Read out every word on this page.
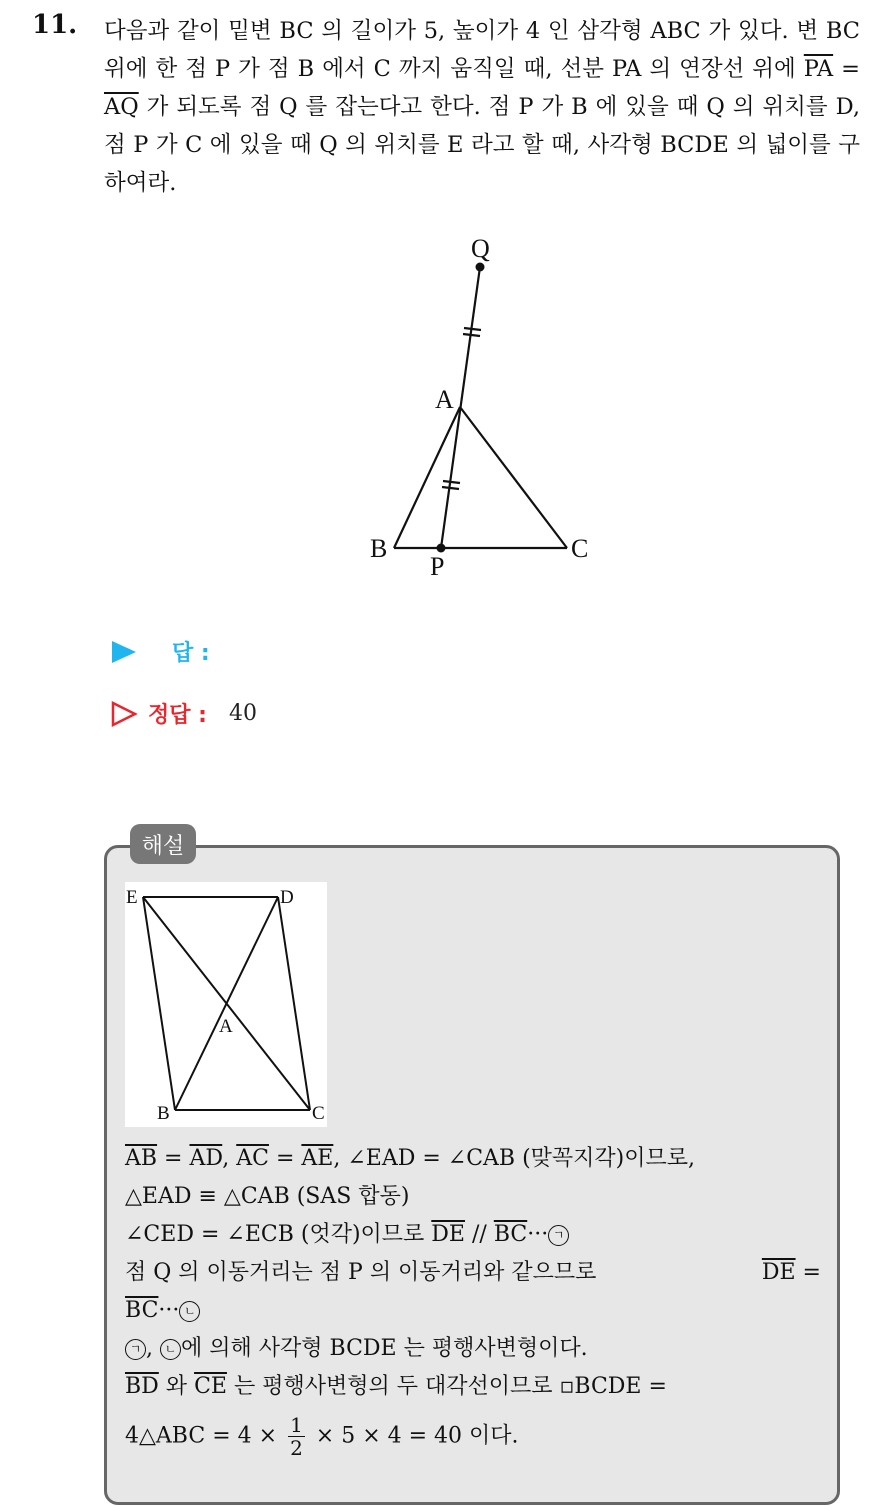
11. 다음과 같이 밑변 BC 의 길이가 5, 높이가 4 인 삼각형 ABC 가 있다. 변 BC 위에 한 점 P 가 점 B 에서 C 까지 움직일 때, 선분 PA 의 연장선 위에 $\overline{PA} = \overline{AQ}$ 가 되도록 점 Q 를 잡는다고 한다. 점 P 가 B 에 있을 때 Q 의 위치를 D, 점 P 가 C 에 있을 때 Q 의 위치를 E 라고 할 때, 사각형 BCDE 의 넓이를 구하여라.
Q
A
B	C
P
답 :
정답 : 40
해설
E	D
A
B	C
$\overline{AB} = \overline{AD}$, $\overline{AC} = \overline{AE}$, ∠EAD = ∠CAB (맞꼭지각)이므로,
△EAD ≡ △CAB (SAS 합동)
∠CED = ∠ECB (엇각)이므로 $\overline{DE} // \overline{BC}\cdot\cdot\cdot$ ㄱ
점 Q 의 이동거리는 점 P 의 이동거리와 같으므로	$\overline{DE}$ =
$\overline{BC}\cdot\cdot\cdot$ ㄴ
ㄱ , ㄴ 에 의해 사각형 BCDE 는 평행사변형이다.
$\overline{BD}$ 와 $\overline{CE}$ 는 평행사변형의 두 대각선이므로 ▫BCDE =
4△ABC = $4 \times \frac{1}{2} \times 5 \times 4 = 40$ 이다.
